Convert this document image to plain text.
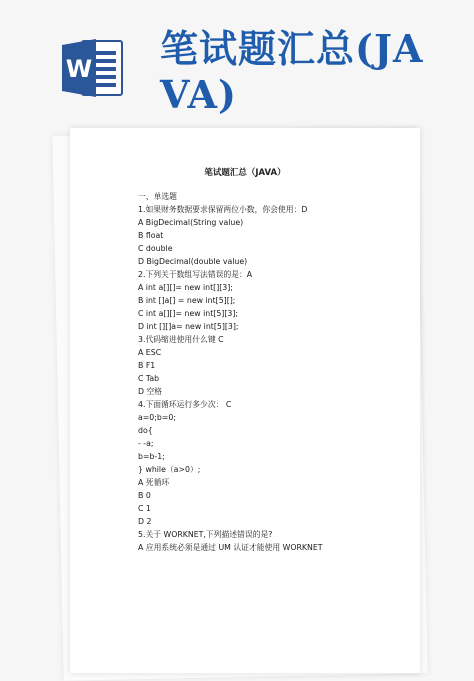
W 笔试题汇总(JA
VA)
笔试题汇总（JAVA）
一、单选题
1.如果财务数据要求保留两位小数，你会使用：D
A BigDecimal(String value)
B float
C double
D BigDecimal(double value)
2.下列关于数组写法错误的是：A
A int a[][]= new int[][3];
B int []a[] = new int[5][];
C int a[][]= new int[5][3];
D int [][]a= new int[5][3];
3.代码缩进使用什么键 C
A ESC
B F1
C Tab
D 空格
4.下面循环运行多少次： C
a=0;b=0;
do{
- -a;
b=b-1;
} while（a>0）;
A 死循环
B 0
C 1
D 2
5.关于 WORKNET,下列描述错误的是?
A 应用系统必须是通过 UM 认证才能使用 WORKNET
